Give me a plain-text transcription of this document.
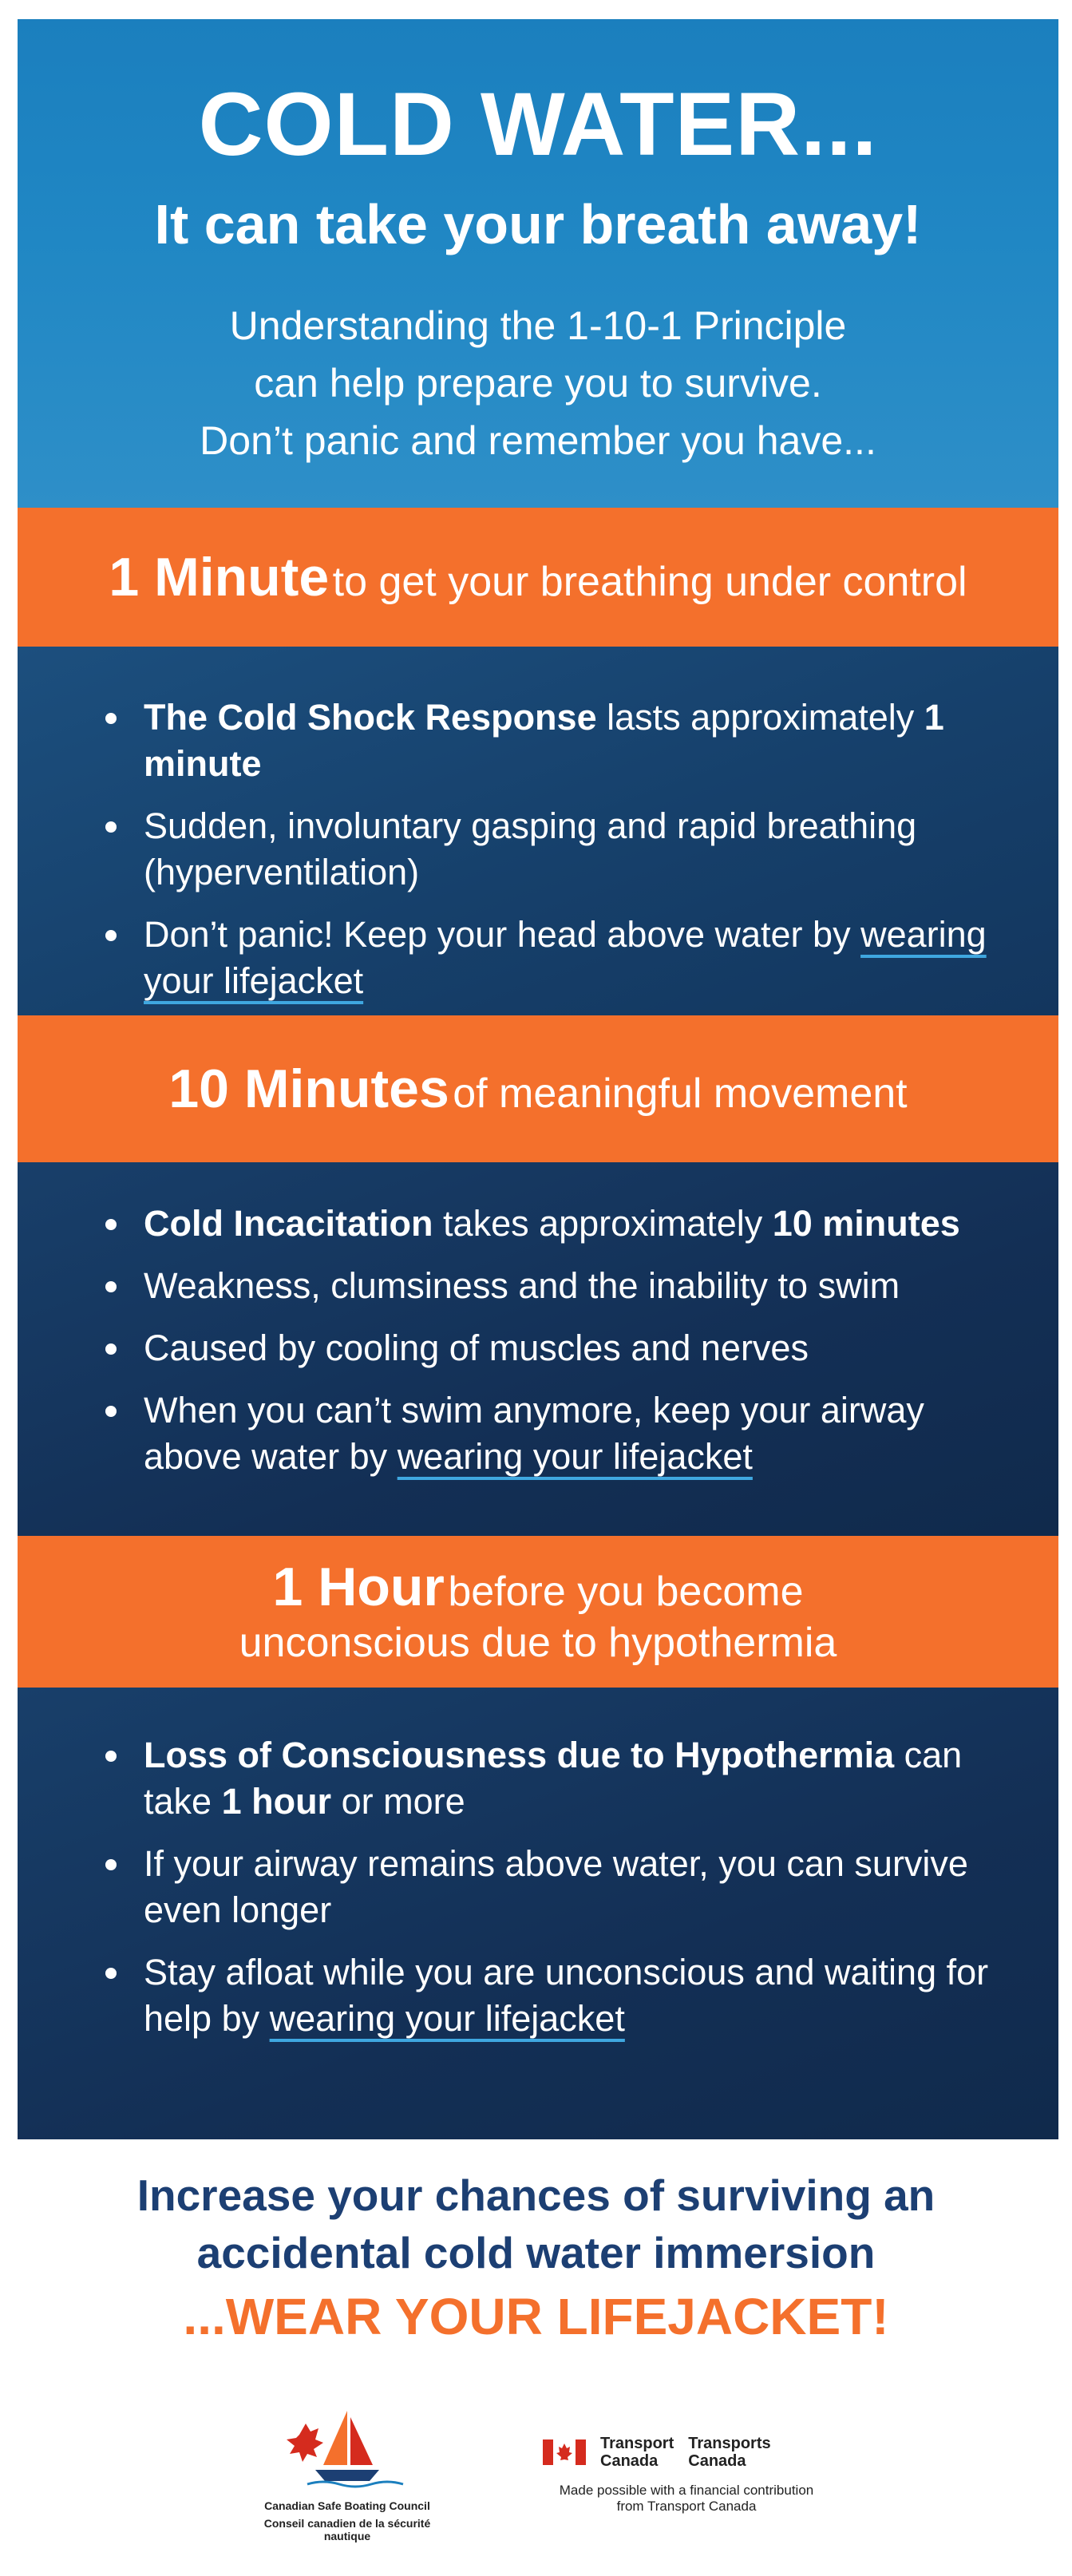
COLD WATER...
It can take your breath away!
Understanding the 1-10-1 Principle
can help prepare you to survive.
Don’t panic and remember you have...
1 Minute to get your breathing under control
The Cold Shock Response lasts approximately 1 minute
Sudden, involuntary gasping and rapid breathing (hyperventilation)
Don’t panic! Keep your head above water by wearing your lifejacket
10 Minutes of meaningful movement
Cold Incacitation takes approximately 10 minutes
Weakness, clumsiness and the inability to swim
Caused by cooling of muscles and nerves
When you can’t swim anymore, keep your airway above water by wearing your lifejacket
1 Hour before you become
unconscious due to hypothermia
Loss of Consciousness due to Hypothermia can take 1 hour or more
If your airway remains above water, you can survive even longer
Stay afloat while you are unconscious and waiting for help by wearing your lifejacket
Increase your chances of surviving an
accidental cold water immersion
...WEAR YOUR LIFEJACKET!
Canadian Safe Boating Council
Conseil canadien de la sécurité nautique
Transport
Canada
Transports
Canada
Made possible with a financial contribution
from Transport Canada
